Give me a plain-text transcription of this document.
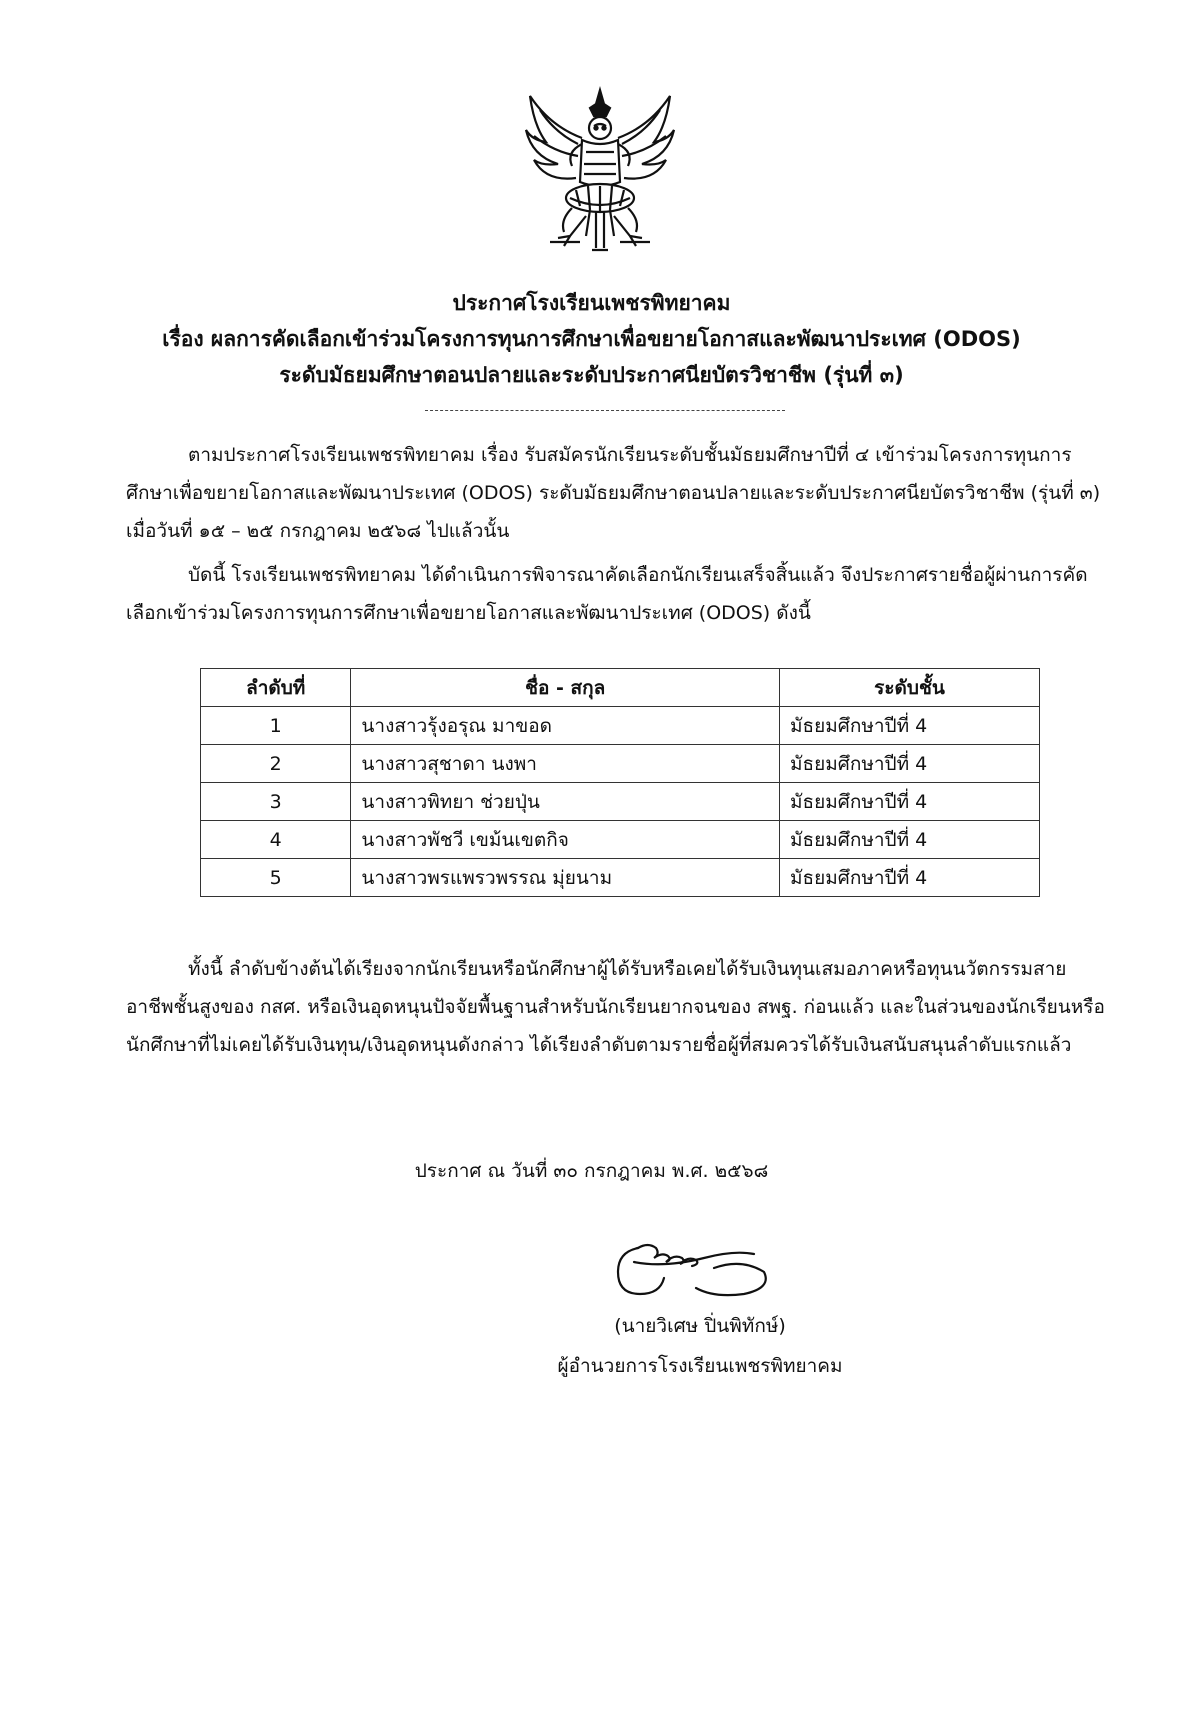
ประกาศโรงเรียนเพชรพิทยาคม
เรื่อง ผลการคัดเลือกเข้าร่วมโครงการทุนการศึกษาเพื่อขยายโอกาสและพัฒนาประเทศ (ODOS)
ระดับมัธยมศึกษาตอนปลายและระดับประกาศนียบัตรวิชาชีพ (รุ่นที่ ๓)
ตามประกาศโรงเรียนเพชรพิทยาคม เรื่อง รับสมัครนักเรียนระดับชั้นมัธยมศึกษาปีที่ ๔ เข้าร่วมโครงการทุนการศึกษาเพื่อขยายโอกาสและพัฒนาประเทศ (ODOS) ระดับมัธยมศึกษาตอนปลายและระดับประกาศนียบัตรวิชาชีพ (รุ่นที่ ๓) เมื่อวันที่ ๑๕ – ๒๕ กรกฎาคม ๒๕๖๘ ไปแล้วนั้น
บัดนี้ โรงเรียนเพชรพิทยาคม ได้ดำเนินการพิจารณาคัดเลือกนักเรียนเสร็จสิ้นแล้ว จึงประกาศรายชื่อผู้ผ่านการคัดเลือกเข้าร่วมโครงการทุนการศึกษาเพื่อขยายโอกาสและพัฒนาประเทศ (ODOS) ดังนี้
ลำดับที่	ชื่อ - สกุล	ระดับชั้น
1	นางสาวรุ้งอรุณ มาขอด	มัธยมศึกษาปีที่ 4
2	นางสาวสุชาดา นงพา	มัธยมศึกษาปีที่ 4
3	นางสาวพิทยา ช่วยปุ่น	มัธยมศึกษาปีที่ 4
4	นางสาวพัชวี เขม้นเขตกิจ	มัธยมศึกษาปีที่ 4
5	นางสาวพรแพรวพรรณ มุ่ยนาม	มัธยมศึกษาปีที่ 4
ทั้งนี้ ลำดับข้างต้นได้เรียงจากนักเรียนหรือนักศึกษาผู้ได้รับหรือเคยได้รับเงินทุนเสมอภาคหรือทุนนวัตกรรมสายอาชีพชั้นสูงของ กสศ. หรือเงินอุดหนุนปัจจัยพื้นฐานสำหรับนักเรียนยากจนของ สพฐ. ก่อนแล้ว และในส่วนของนักเรียนหรือนักศึกษาที่ไม่เคยได้รับเงินทุน/เงินอุดหนุนดังกล่าว ได้เรียงลำดับตามรายชื่อผู้ที่สมควรได้รับเงินสนับสนุนลำดับแรกแล้ว
ประกาศ ณ วันที่ ๓๐ กรกฎาคม พ.ศ. ๒๕๖๘
(นายวิเศษ ปิ่นพิทักษ์)
ผู้อำนวยการโรงเรียนเพชรพิทยาคม
